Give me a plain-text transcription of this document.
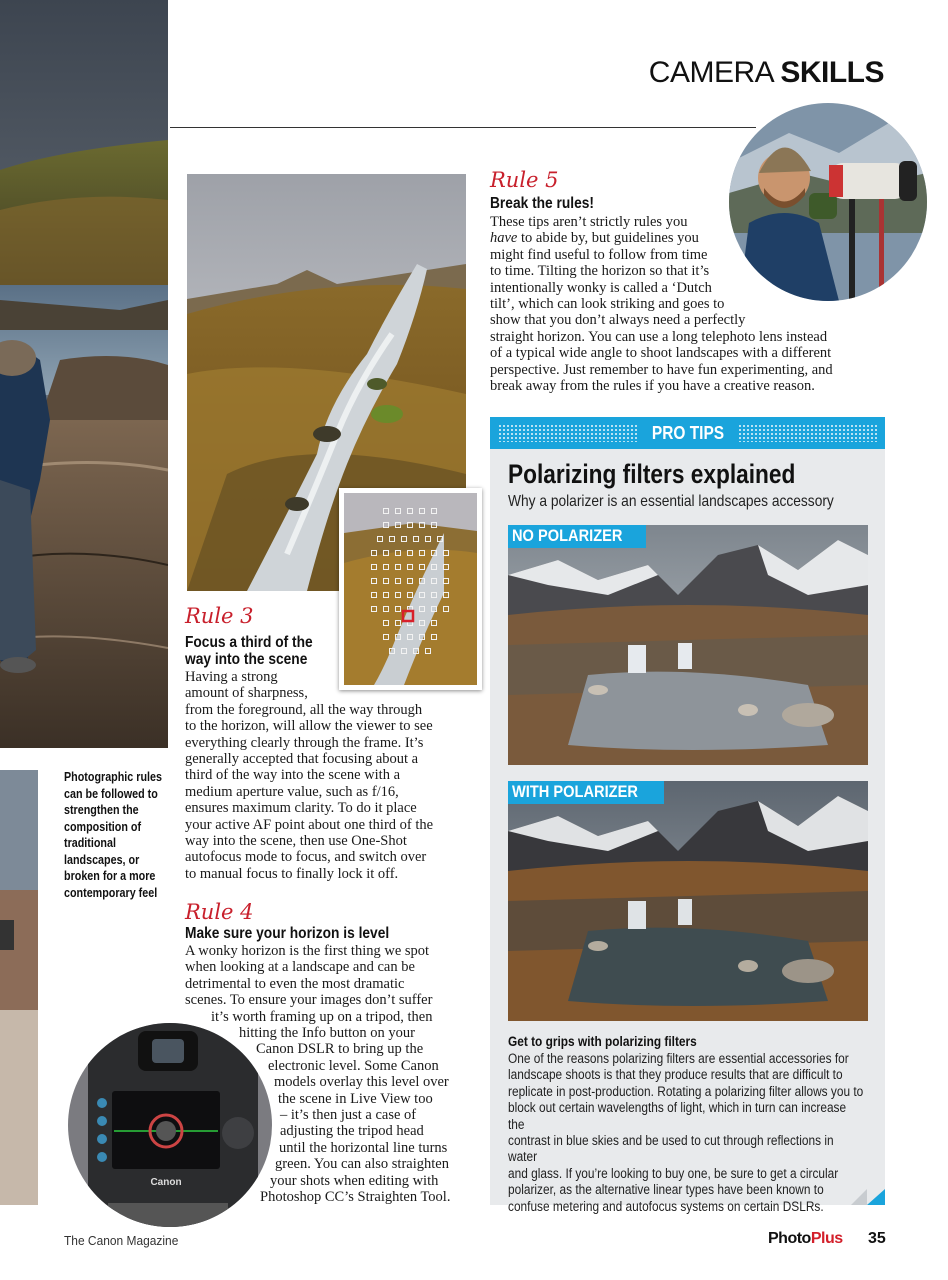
CAMERA SKILLS
Rule 5
Break the rules!
These tips aren’t strictly rules you
have to abide by, but guidelines you
might find useful to follow from time
to time. Tilting the horizon so that it’s
intentionally wonky is called a ‘Dutch
tilt’, which can look striking and goes to
show that you don’t always need a perfectly
straight horizon. You can use a long telephoto lens instead
of a typical wide angle to shoot landscapes with a different
perspective. Just remember to have fun experimenting, and
break away from the rules if you have a creative reason.
Rule 3
Focus a third of the
way into the scene
Having a strong
amount of sharpness,
from the foreground, all the way through
to the horizon, will allow the viewer to see
everything clearly through the frame. It’s
generally accepted that focusing about a
third of the way into the scene with a
medium aperture value, such as f/16,
ensures maximum clarity. To do it place
your active AF point about one third of the
way into the scene, then use One-Shot
autofocus mode to focus, and switch over
to manual focus to finally lock it off.
Photographic rules
can be followed to
strengthen the
composition of
traditional
landscapes, or
broken for a more
contemporary feel
Rule 4
Make sure your horizon is level
A wonky horizon is the first thing we spot
when looking at a landscape and can be
detrimental to even the most dramatic
scenes. To ensure your images don’t suffer
it’s worth framing up on a tripod, then
hitting the Info button on your
Canon DSLR to bring up the
electronic level. Some Canon
models overlay this level over
the scene in Live View too
– it’s then just a case of
adjusting the tripod head
until the horizontal line turns
green. You can also straighten
your shots when editing with
Photoshop CC’s Straighten Tool.
Canon
PRO TIPS
Polarizing filters explained
Why a polarizer is an essential landscapes accessory
NO POLARIZER
WITH POLARIZER
Get to grips with polarizing filters
One of the reasons polarizing filters are essential accessories for
landscape shoots is that they produce results that are difficult to
replicate in post-production. Rotating a polarizing filter allows you to
block out certain wavelengths of light, which in turn can increase the
contrast in blue skies and be used to cut through reflections in water
and glass. If you’re looking to buy one, be sure to get a circular
polarizer, as the alternative linear types have been known to
confuse metering and autofocus systems on certain DSLRs.
The Canon Magazine	PhotoPlus 35
